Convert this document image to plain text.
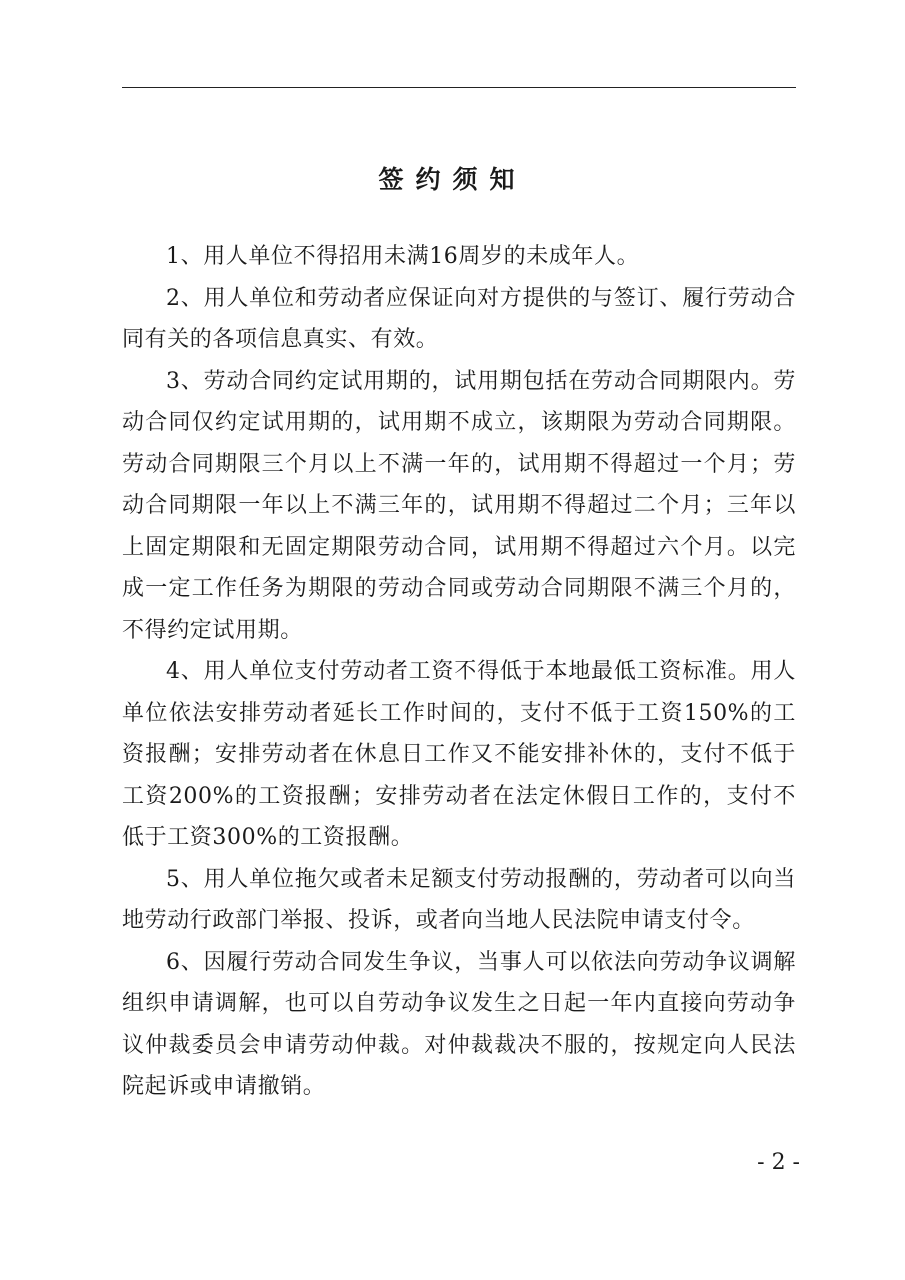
签约须知

1、用人单位不得招用未满16周岁的未成年人。

2、用人单位和劳动者应保证向对方提供的与签订、履行劳动合同有关的各项信息真实、有效。

3、劳动合同约定试用期的，试用期包括在劳动合同期限内。劳动合同仅约定试用期的，试用期不成立，该期限为劳动合同期限。劳动合同期限三个月以上不满一年的，试用期不得超过一个月；劳动合同期限一年以上不满三年的，试用期不得超过二个月；三年以上固定期限和无固定期限劳动合同，试用期不得超过六个月。以完成一定工作任务为期限的劳动合同或劳动合同期限不满三个月的，不得约定试用期。

4、用人单位支付劳动者工资不得低于本地最低工资标准。用人单位依法安排劳动者延长工作时间的，支付不低于工资150%的工资报酬；安排劳动者在休息日工作又不能安排补休的，支付不低于工资200%的工资报酬；安排劳动者在法定休假日工作的，支付不低于工资300%的工资报酬。

5、用人单位拖欠或者未足额支付劳动报酬的，劳动者可以向当地劳动行政部门举报、投诉，或者向当地人民法院申请支付令。

6、因履行劳动合同发生争议，当事人可以依法向劳动争议调解组织申请调解，也可以自劳动争议发生之日起一年内直接向劳动争议仲裁委员会申请劳动仲裁。对仲裁裁决不服的，按规定向人民法院起诉或申请撤销。

- 2 -
